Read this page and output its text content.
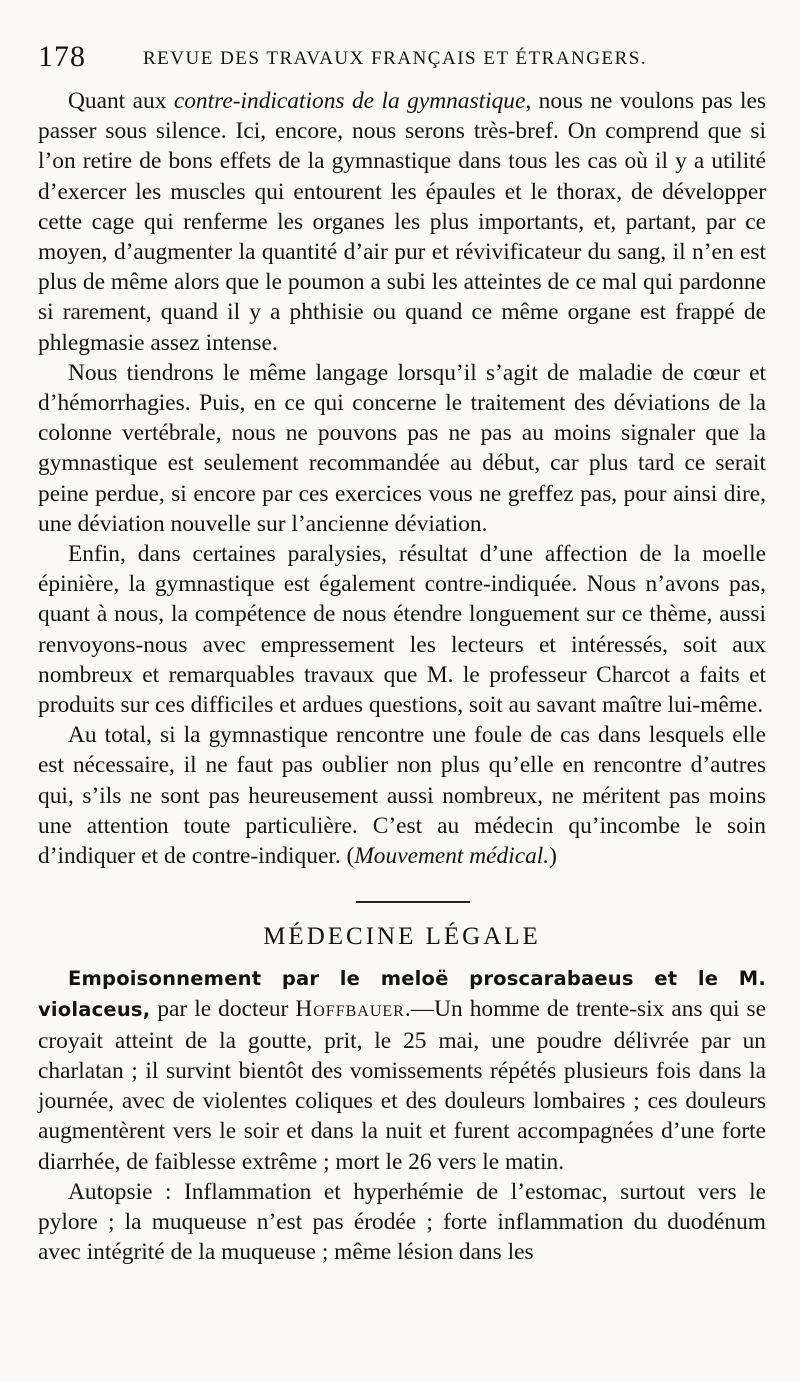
178	REVUE DES TRAVAUX FRANÇAIS ET ÉTRANGERS.

Quant aux contre-indications de la gymnastique, nous ne voulons pas les passer sous silence. Ici, encore, nous serons très-bref. On comprend que si l’on retire de bons effets de la gymnastique dans tous les cas où il y a utilité d’exercer les muscles qui entourent les épaules et le thorax, de développer cette cage qui renferme les organes les plus importants, et, partant, par ce moyen, d’augmenter la quantité d’air pur et révivificateur du sang, il n’en est plus de même alors que le poumon a subi les atteintes de ce mal qui pardonne si rarement, quand il y a phthisie ou quand ce même organe est frappé de phlegmasie assez intense.

Nous tiendrons le même langage lorsqu’il s’agit de maladie de cœur et d’hémorrhagies. Puis, en ce qui concerne le traitement des déviations de la colonne vertébrale, nous ne pouvons pas ne pas au moins signaler que la gymnastique est seulement recommandée au début, car plus tard ce serait peine perdue, si encore par ces exercices vous ne greffez pas, pour ainsi dire, une déviation nouvelle sur l’ancienne déviation.

Enfin, dans certaines paralysies, résultat d’une affection de la moelle épinière, la gymnastique est également contre-indiquée. Nous n’avons pas, quant à nous, la compétence de nous étendre longuement sur ce thème, aussi renvoyons-nous avec empressement les lecteurs et intéressés, soit aux nombreux et remarquables travaux que M. le professeur Charcot a faits et produits sur ces difficiles et ardues questions, soit au savant maître lui-même.

Au total, si la gymnastique rencontre une foule de cas dans lesquels elle est nécessaire, il ne faut pas oublier non plus qu’elle en rencontre d’autres qui, s’ils ne sont pas heureusement aussi nombreux, ne méritent pas moins une attention toute particulière. C’est au médecin qu’incombe le soin d’indiquer et de contre-indiquer. (Mouvement médical.)

MÉDECINE LÉGALE

Empoisonnement par le meloë proscarabaeus et le M. violaceus, par le docteur Hoffbauer.—Un homme de trente-six ans qui se croyait atteint de la goutte, prit, le 25 mai, une poudre délivrée par un charlatan ; il survint bientôt des vomissements répétés plusieurs fois dans la journée, avec de violentes coliques et des douleurs lombaires ; ces douleurs augmentèrent vers le soir et dans la nuit et furent accompagnées d’une forte diarrhée, de faiblesse extrême ; mort le 26 vers le matin.

Autopsie : Inflammation et hyperhémie de l’estomac, surtout vers le pylore ; la muqueuse n’est pas érodée ; forte inflammation du duodénum avec intégrité de la muqueuse ; même lésion dans les
